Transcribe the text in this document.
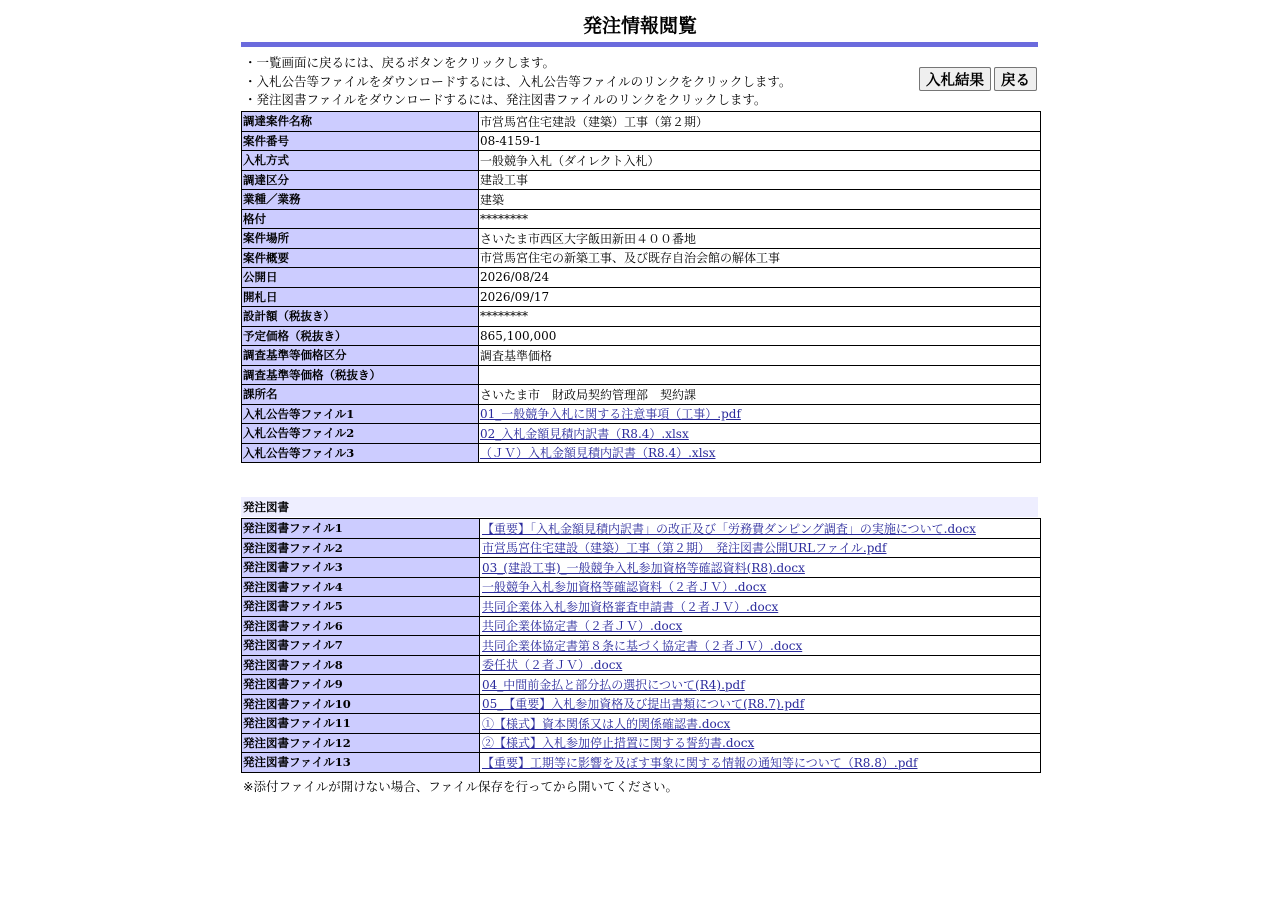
発注情報閲覧
・一覧画面に戻るには、戻るボタンをクリックします。
・入札公告等ファイルをダウンロードするには、入札公告等ファイルのリンクをクリックします。
・発注図書ファイルをダウンロードするには、発注図書ファイルのリンクをクリックします。
入札結果	戻る
調達案件名称	市営馬宮住宅建設（建築）工事（第２期）
案件番号	08-4159-1
入札方式	一般競争入札（ダイレクト入札）
調達区分	建設工事
業種／業務	建築
格付	********
案件場所	さいたま市西区大字飯田新田４００番地
案件概要	市営馬宮住宅の新築工事、及び既存自治会館の解体工事
公開日	2026/08/24
開札日	2026/09/17
設計額（税抜き）	********
予定価格（税抜き）	865,100,000
調査基準等価格区分	調査基準価格
調査基準等価格（税抜き）	
課所名	さいたま市　財政局契約管理部　契約課
入札公告等ファイル1	01_一般競争入札に関する注意事項（工事）.pdf
入札公告等ファイル2	02_入札金額見積内訳書（R8.4）.xlsx
入札公告等ファイル3	（ＪＶ）入札金額見積内訳書（R8.4）.xlsx
発注図書
発注図書ファイル1	【重要】「入札金額見積内訳書」の改正及び「労務費ダンピング調査」の実施について.docx
発注図書ファイル2	市営馬宮住宅建設（建築）工事（第２期）　発注図書公開URLファイル.pdf
発注図書ファイル3	03_(建設工事)_一般競争入札参加資格等確認資料(R8).docx
発注図書ファイル4	一般競争入札参加資格等確認資料（２者ＪＶ）.docx
発注図書ファイル5	共同企業体入札参加資格審査申請書（２者ＪＶ）.docx
発注図書ファイル6	共同企業体協定書（２者ＪＶ）.docx
発注図書ファイル7	共同企業体協定書第８条に基づく協定書（２者ＪＶ）.docx
発注図書ファイル8	委任状（２者ＪＶ）.docx
発注図書ファイル9	04_中間前金払と部分払の選択について(R4).pdf
発注図書ファイル10	05_【重要】入札参加資格及び提出書類について(R8.7).pdf
発注図書ファイル11	①【様式】資本関係又は人的関係確認書.docx
発注図書ファイル12	②【様式】入札参加停止措置に関する誓約書.docx
発注図書ファイル13	【重要】工期等に影響を及ぼす事象に関する情報の通知等について（R8.8）.pdf
※添付ファイルが開けない場合、ファイル保存を行ってから開いてください。
